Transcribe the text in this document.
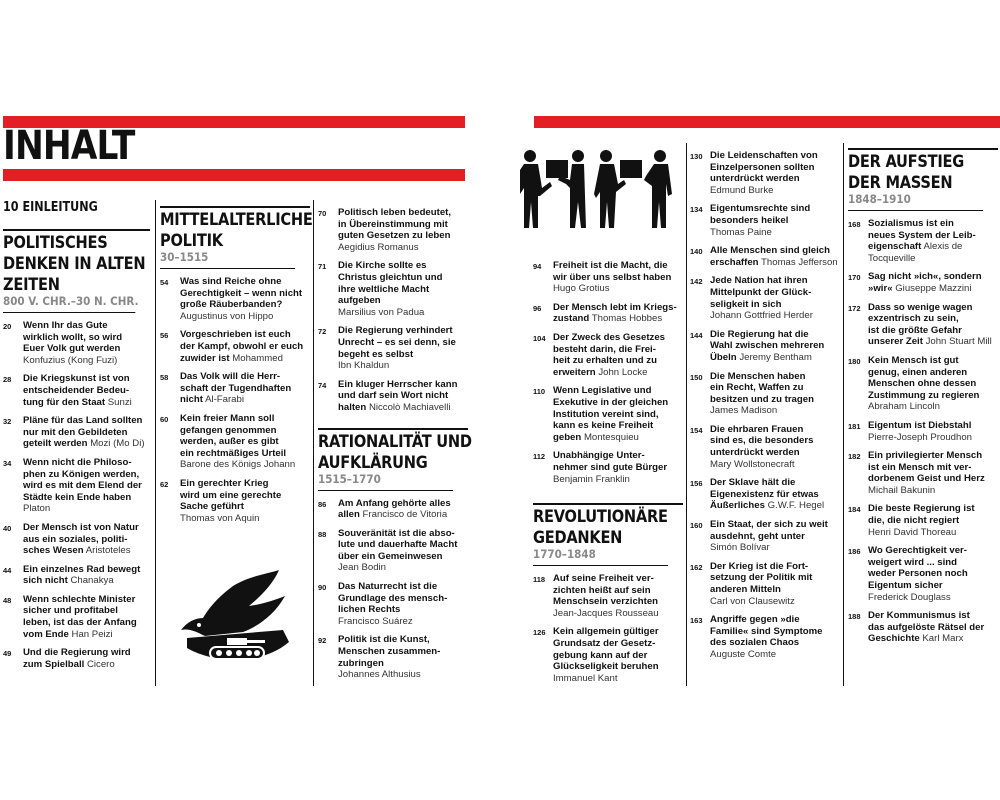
INHALT
10 EINLEITUNG
POLITISCHES
DENKEN IN ALTEN
ZEITEN
800 V. CHR.–30 N. CHR.
20 Wenn Ihr das Gute
wirklich wollt, so wird
Euer Volk gut werden
Konfuzius (Kong Fuzi)
28 Die Kriegskunst ist von
entscheidender Bedeu-
tung für den Staat Sunzi
32 Pläne für das Land sollten
nur mit den Gebildeten
geteilt werden Mozi (Mo Di)
34 Wenn nicht die Philoso-
phen zu Königen werden,
wird es mit dem Elend der
Städte kein Ende haben
Platon
40 Der Mensch ist von Natur
aus ein soziales, politi-
sches Wesen Aristoteles
44 Ein einzelnes Rad bewegt
sich nicht Chanakya
48 Wenn schlechte Minister
sicher und profitabel
leben, ist das der Anfang
vom Ende Han Peizi
49 Und die Regierung wird
zum Spielball Cicero
MITTELALTERLICHE
POLITIK
30–1515
54 Was sind Reiche ohne
Gerechtigkeit – wenn nicht
große Räuberbanden?
Augustinus von Hippo
56 Vorgeschrieben ist euch
der Kampf, obwohl er euch
zuwider ist Mohammed
58 Das Volk will die Herr-
schaft der Tugendhaften
nicht Al-Farabi
60 Kein freier Mann soll
gefangen genommen
werden, außer es gibt
ein rechtmäßiges Urteil
Barone des Königs Johann
62 Ein gerechter Krieg
wird um eine gerechte
Sache geführt
Thomas von Aquin
70 Politisch leben bedeutet,
in Übereinstimmung mit
guten Gesetzen zu leben
Aegidius Romanus
71 Die Kirche sollte es
Christus gleichtun und
ihre weltliche Macht
aufgeben
Marsilius von Padua
72 Die Regierung verhindert
Unrecht – es sei denn, sie
begeht es selbst
Ibn Khaldun
74 Ein kluger Herrscher kann
und darf sein Wort nicht
halten Niccolò Machiavelli
RATIONALITÄT UND
AUFKLÄRUNG
1515–1770
86 Am Anfang gehörte alles
allen Francisco de Vitoria
88 Souveränität ist die abso-
lute und dauerhafte Macht
über ein Gemeinwesen
Jean Bodin
90 Das Naturrecht ist die
Grundlage des mensch-
lichen Rechts
Francisco Suárez
92 Politik ist die Kunst,
Menschen zusammen-
zubringen
Johannes Althusius
94 Freiheit ist die Macht, die
wir über uns selbst haben
Hugo Grotius
96 Der Mensch lebt im Kriegs-
zustand Thomas Hobbes
104 Der Zweck des Gesetzes
besteht darin, die Frei-
heit zu erhalten und zu
erweitern John Locke
110 Wenn Legislative und
Exekutive in der gleichen
Institution vereint sind,
kann es keine Freiheit
geben Montesquieu
112 Unabhängige Unter-
nehmer sind gute Bürger
Benjamin Franklin
REVOLUTIONÄRE
GEDANKEN
1770–1848
118 Auf seine Freiheit ver-
zichten heißt auf sein
Menschsein verzichten
Jean-Jacques Rousseau
126 Kein allgemein gültiger
Grundsatz der Gesetz-
gebung kann auf der
Glückseligkeit beruhen
Immanuel Kant
130 Die Leidenschaften von
Einzelpersonen sollten
unterdrückt werden
Edmund Burke
134 Eigentumsrechte sind
besonders heikel
Thomas Paine
140 Alle Menschen sind gleich
erschaffen Thomas Jefferson
142 Jede Nation hat ihren
Mittelpunkt der Glück-
seligkeit in sich
Johann Gottfried Herder
144 Die Regierung hat die
Wahl zwischen mehreren
Übeln Jeremy Bentham
150 Die Menschen haben
ein Recht, Waffen zu
besitzen und zu tragen
James Madison
154 Die ehrbaren Frauen
sind es, die besonders
unterdrückt werden
Mary Wollstonecraft
156 Der Sklave hält die
Eigenexistenz für etwas
Äußerliches G.W.F. Hegel
160 Ein Staat, der sich zu weit
ausdehnt, geht unter
Simón Bolívar
162 Der Krieg ist die Fort-
setzung der Politik mit
anderen Mitteln
Carl von Clausewitz
163 Angriffe gegen »die
Familie« sind Symptome
des sozialen Chaos
Auguste Comte
DER AUFSTIEG
DER MASSEN
1848–1910
168 Sozialismus ist ein
neues System der Leib-
eigenschaft Alexis de Tocqueville
170 Sag nicht »ich«, sondern
»wir« Giuseppe Mazzini
172 Dass so wenige wagen
exzentrisch zu sein,
ist die größte Gefahr
unserer Zeit John Stuart Mill
180 Kein Mensch ist gut
genug, einen anderen
Menschen ohne dessen
Zustimmung zu regieren
Abraham Lincoln
181 Eigentum ist Diebstahl
Pierre-Joseph Proudhon
182 Ein privilegierter Mensch
ist ein Mensch mit ver-
dorbenem Geist und Herz
Michail Bakunin
184 Die beste Regierung ist
die, die nicht regiert
Henri David Thoreau
186 Wo Gerechtigkeit ver-
weigert wird ... sind
weder Personen noch
Eigentum sicher
Frederick Douglass
188 Der Kommunismus ist
das aufgelöste Rätsel der
Geschichte Karl Marx
